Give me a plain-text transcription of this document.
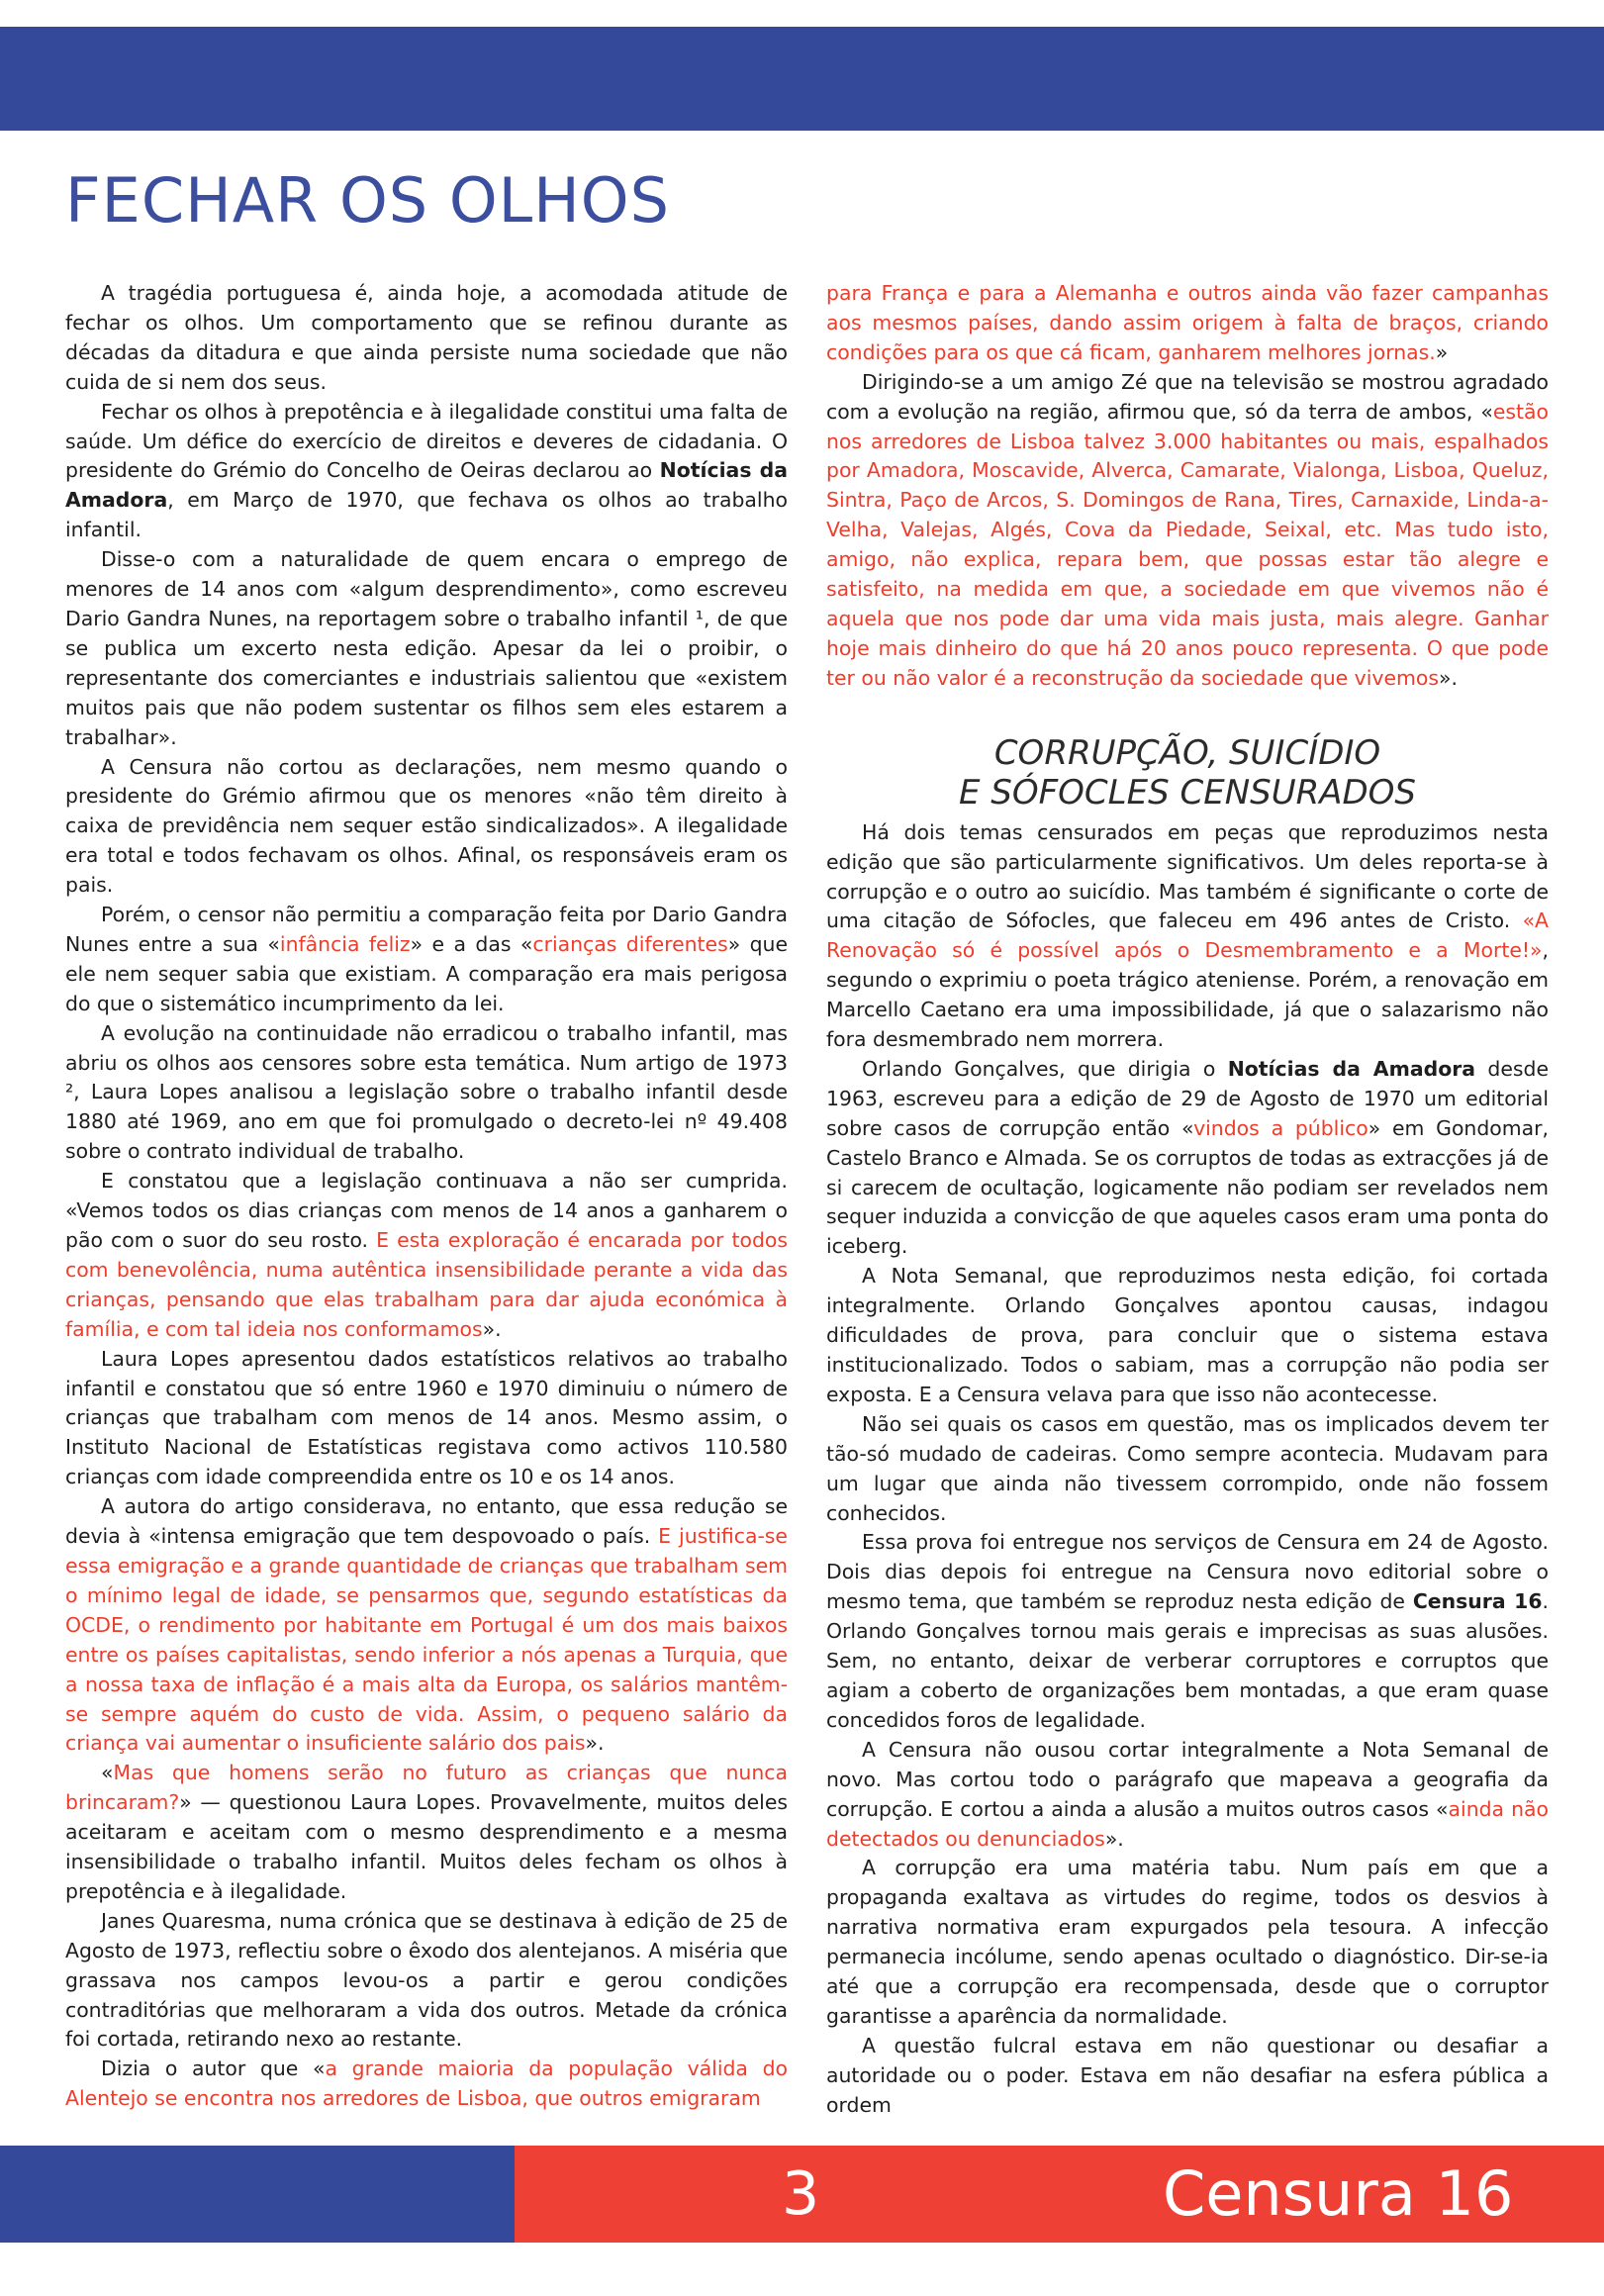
FECHAR OS OLHOS

A tragédia portuguesa é, ainda hoje, a acomodada atitude de fechar os olhos. Um comportamento que se refinou durante as décadas da ditadura e que ainda persiste numa sociedade que não cuida de si nem dos seus.

Fechar os olhos à prepotência e à ilegalidade constitui uma falta de saúde. Um défice do exercício de direitos e deveres de cidadania. O presidente do Grémio do Concelho de Oeiras declarou ao Notícias da Amadora, em Março de 1970, que fechava os olhos ao trabalho infantil.

Disse-o com a naturalidade de quem encara o emprego de menores de 14 anos com «algum desprendimento», como escreveu Dario Gandra Nunes, na reportagem sobre o trabalho infantil ¹, de que se publica um excerto nesta edição. Apesar da lei o proibir, o representante dos comerciantes e industriais salientou que «existem muitos pais que não podem sustentar os filhos sem eles estarem a trabalhar».

A Censura não cortou as declarações, nem mesmo quando o presidente do Grémio afirmou que os menores «não têm direito à caixa de previdência nem sequer estão sindicalizados». A ilegalidade era total e todos fechavam os olhos. Afinal, os responsáveis eram os pais.

Porém, o censor não permitiu a comparação feita por Dario Gandra Nunes entre a sua «infância feliz» e a das «crianças diferentes» que ele nem sequer sabia que existiam. A comparação era mais perigosa do que o sistemático incumprimento da lei.

A evolução na continuidade não erradicou o trabalho infantil, mas abriu os olhos aos censores sobre esta temática. Num artigo de 1973 ², Laura Lopes analisou a legislação sobre o trabalho infantil desde 1880 até 1969, ano em que foi promulgado o decreto-lei nº 49.408 sobre o contrato individual de trabalho.

E constatou que a legislação continuava a não ser cumprida. «Vemos todos os dias crianças com menos de 14 anos a ganharem o pão com o suor do seu rosto. E esta exploração é encarada por todos com benevolência, numa autêntica insensibilidade perante a vida das crianças, pensando que elas trabalham para dar ajuda económica à família, e com tal ideia nos conformamos».

Laura Lopes apresentou dados estatísticos relativos ao trabalho infantil e constatou que só entre 1960 e 1970 diminuiu o número de crianças que trabalham com menos de 14 anos. Mesmo assim, o Instituto Nacional de Estatísticas registava como activos 110.580 crianças com idade compreendida entre os 10 e os 14 anos.

A autora do artigo considerava, no entanto, que essa redução se devia à «intensa emigração que tem despovoado o país. E justifica-se essa emigração e a grande quantidade de crianças que trabalham sem o mínimo legal de idade, se pensarmos que, segundo estatísticas da OCDE, o rendimento por habitante em Portugal é um dos mais baixos entre os países capitalistas, sendo inferior a nós apenas a Turquia, que a nossa taxa de inflação é a mais alta da Europa, os salários mantêm-se sempre aquém do custo de vida. Assim, o pequeno salário da criança vai aumentar o insuficiente salário dos pais».

«Mas que homens serão no futuro as crianças que nunca brincaram?» — questionou Laura Lopes. Provavelmente, muitos deles aceitaram e aceitam com o mesmo desprendimento e a mesma insensibilidade o trabalho infantil. Muitos deles fecham os olhos à prepotência e à ilegalidade.

Janes Quaresma, numa crónica que se destinava à edição de 25 de Agosto de 1973, reflectiu sobre o êxodo dos alentejanos. A miséria que grassava nos campos levou-os a partir e gerou condições contraditórias que melhoraram a vida dos outros. Metade da crónica foi cortada, retirando nexo ao restante.

Dizia o autor que «a grande maioria da população válida do Alentejo se encontra nos arredores de Lisboa, que outros emigraram

para França e para a Alemanha e outros ainda vão fazer campanhas aos mesmos países, dando assim origem à falta de braços, criando condições para os que cá ficam, ganharem melhores jornas.»

Dirigindo-se a um amigo Zé que na televisão se mostrou agradado com a evolução na região, afirmou que, só da terra de ambos, «estão nos arredores de Lisboa talvez 3.000 habitantes ou mais, espalhados por Amadora, Moscavide, Alverca, Camarate, Vialonga, Lisboa, Queluz, Sintra, Paço de Arcos, S. Domingos de Rana, Tires, Carnaxide, Linda-a-Velha, Valejas, Algés, Cova da Piedade, Seixal, etc. Mas tudo isto, amigo, não explica, repara bem, que possas estar tão alegre e satisfeito, na medida em que, a sociedade em que vivemos não é aquela que nos pode dar uma vida mais justa, mais alegre. Ganhar hoje mais dinheiro do que há 20 anos pouco representa. O que pode ter ou não valor é a reconstrução da sociedade que vivemos».

CORRUPÇÃO, SUICÍDIO
E SÓFOCLES CENSURADOS

Há dois temas censurados em peças que reproduzimos nesta edição que são particularmente significativos. Um deles reporta-se à corrupção e o outro ao suicídio. Mas também é significante o corte de uma citação de Sófocles, que faleceu em 496 antes de Cristo. «A Renovação só é possível após o Desmembramento e a Morte!», segundo o exprimiu o poeta trágico ateniense. Porém, a renovação em Marcello Caetano era uma impossibilidade, já que o salazarismo não fora desmembrado nem morrera.

Orlando Gonçalves, que dirigia o Notícias da Amadora desde 1963, escreveu para a edição de 29 de Agosto de 1970 um editorial sobre casos de corrupção então «vindos a público» em Gondomar, Castelo Branco e Almada. Se os corruptos de todas as extracções já de si carecem de ocultação, logicamente não podiam ser revelados nem sequer induzida a convicção de que aqueles casos eram uma ponta do iceberg.

A Nota Semanal, que reproduzimos nesta edição, foi cortada integralmente. Orlando Gonçalves apontou causas, indagou dificuldades de prova, para concluir que o sistema estava institucionalizado. Todos o sabiam, mas a corrupção não podia ser exposta. E a Censura velava para que isso não acontecesse.

Não sei quais os casos em questão, mas os implicados devem ter tão-só mudado de cadeiras. Como sempre acontecia. Mudavam para um lugar que ainda não tivessem corrompido, onde não fossem conhecidos.

Essa prova foi entregue nos serviços de Censura em 24 de Agosto. Dois dias depois foi entregue na Censura novo editorial sobre o mesmo tema, que também se reproduz nesta edição de Censura 16. Orlando Gonçalves tornou mais gerais e imprecisas as suas alusões. Sem, no entanto, deixar de verberar corruptores e corruptos que agiam a coberto de organizações bem montadas, a que eram quase concedidos foros de legalidade.

A Censura não ousou cortar integralmente a Nota Semanal de novo. Mas cortou todo o parágrafo que mapeava a geografia da corrupção. E cortou a ainda a alusão a muitos outros casos «ainda não detectados ou denunciados».

A corrupção era uma matéria tabu. Num país em que a propaganda exaltava as virtudes do regime, todos os desvios à narrativa normativa eram expurgados pela tesoura. A infecção permanecia incólume, sendo apenas ocultado o diagnóstico. Dir-se-ia até que a corrupção era recompensada, desde que o corruptor garantisse a aparência da normalidade.

A questão fulcral estava em não questionar ou desafiar a autoridade ou o poder. Estava em não desafiar na esfera pública a ordem

3	Censura 16
